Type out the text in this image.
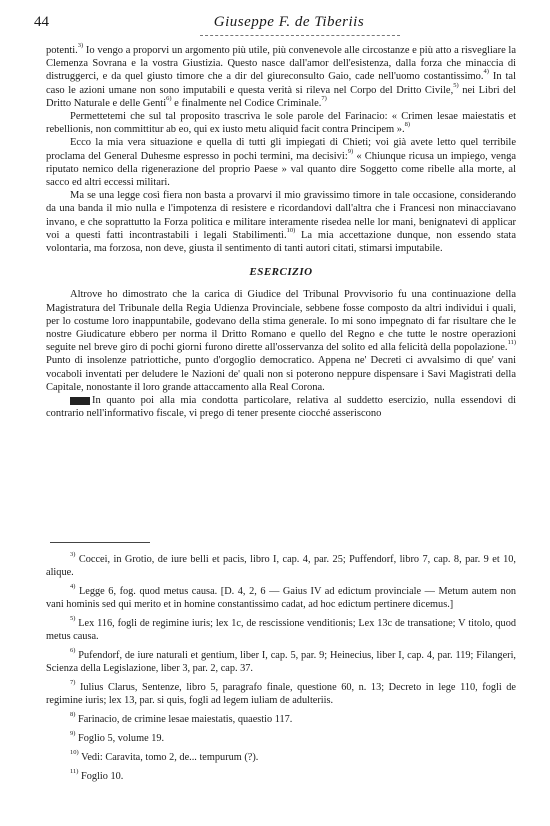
44	Giuseppe F. de Tiberiis

potenti.$^{3)}$ Io vengo a proporvi un argomento più utile, più convenevole alle circostanze e più atto a risvegliare la Clemenza Sovrana e la vostra Giustizia. Questo nasce dall'amor dell'esistenza, dalla forza che minaccia di distruggerci, e da quel giusto timore che a dir del giureconsulto Gaio, cade nell'uomo costantissimo.$^{4)}$ In tal caso le azioni umane non sono imputabili e questa verità si rileva nel Corpo del Dritto Civile,$^{5)}$ nei Libri del Dritto Naturale e delle Genti$^{6)}$ e finalmente nel Codice Criminale.$^{7)}$

Permettetemi che sul tal proposito trascriva le sole parole del Farinacio: « Crimen lesae maiestatis et rebellionis, non committitur ab eo, qui ex iusto metu aliquid facit contra Principem ».$^{8)}$

Ecco la mia vera situazione e quella di tutti gli impiegati di Chieti; voi già avete letto quel terribile proclama del General Duhesme espresso in pochi termini, ma decisivi:$^{9)}$ « Chiunque ricusa un impiego, venga riputato nemico della rigenerazione del proprio Paese » val quanto dire Soggetto come ribelle alla morte, al sacco ed altri eccessi militari.

Ma se una legge così fiera non basta a provarvi il mio gravissimo timore in tale occasione, considerando da una banda il mio nulla e l'impotenza di resistere e ricordandovi dall'altra che i Francesi non minacciavano invano, e che soprattutto la Forza politica e militare interamente risedea nelle lor mani, benignatevi di applicar voi a questi fatti incontrastabili i legali Stabilimenti.$^{10)}$ La mia accettazione dunque, non essendo stata volontaria, ma forzosa, non deve, giusta il sentimento di tanti autori citati, stimarsi imputabile.

ESERCIZIO

Altrove ho dimostrato che la carica di Giudice del Tribunal Provvisorio fu una continuazione della Magistratura del Tribunale della Regia Udienza Provinciale, sebbene fosse composto da altri individui i quali, per lo costume loro inappuntabile, godevano della stima generale. Io mi sono impegnato di far risultare che le nostre Giudicature ebbero per norma il Dritto Romano e quello del Regno e che tutte le nostre operazioni seguite nel breve giro di pochi giorni furono dirette all'osservanza del solito ed alla felicità della popolazione.$^{11)}$ Punto di insolenze patriottiche, punto d'orgoglio democratico. Appena ne' Decreti ci avvalsimo di que' vani vocaboli inventati per deludere le Nazioni de' quali non si poterono neppure dispensare i Savi Magistrati della Capitale, nonostante il loro grande attaccamento alla Real Corona.

In quanto poi alla mia condotta particolare, relativa al suddetto esercizio, nulla essendovi di contrario nell'informativo fiscale, vi prego di tener presente ciocché asseriscono

$^{3)}$ Coccei, in Grotio, de iure belli et pacis, libro I, cap. 4, par. 25; Puffendorf, libro 7, cap. 8, par. 9 et 10, alique.

$^{4)}$ Legge 6, fog. quod metus causa. [D. 4, 2, 6 — Gaius IV ad edictum provinciale — Metum autem non vani hominis sed qui merito et in homine constantissimo cadat, ad hoc edictum pertinere dicemus.]

$^{5)}$ Lex 116, fogli de regimine iuris; lex 1c, de rescissione venditionis; Lex 13c de transatione; V titolo, quod metus causa.

$^{6)}$ Pufendorf, de iure naturali et gentium, liber I, cap. 5, par. 9; Heinecius, liber I, cap. 4, par. 119; Filangeri, Scienza della Legislazione, liber 3, par. 2, cap. 37.

$^{7)}$ Iulius Clarus, Sentenze, libro 5, paragrafo finale, questione 60, n. 13; Decreto in lege 110, fogli de regimine iuris; lex 13, par. si quis, fogli ad legem iuliam de adulteriis.

$^{8)}$ Farinacio, de crimine lesae maiestatis, quaestio 117.

$^{9)}$ Foglio 5, volume 19.

$^{10)}$ Vedi: Caravita, tomo 2, de... tempurum (?).

$^{11)}$ Foglio 10.
